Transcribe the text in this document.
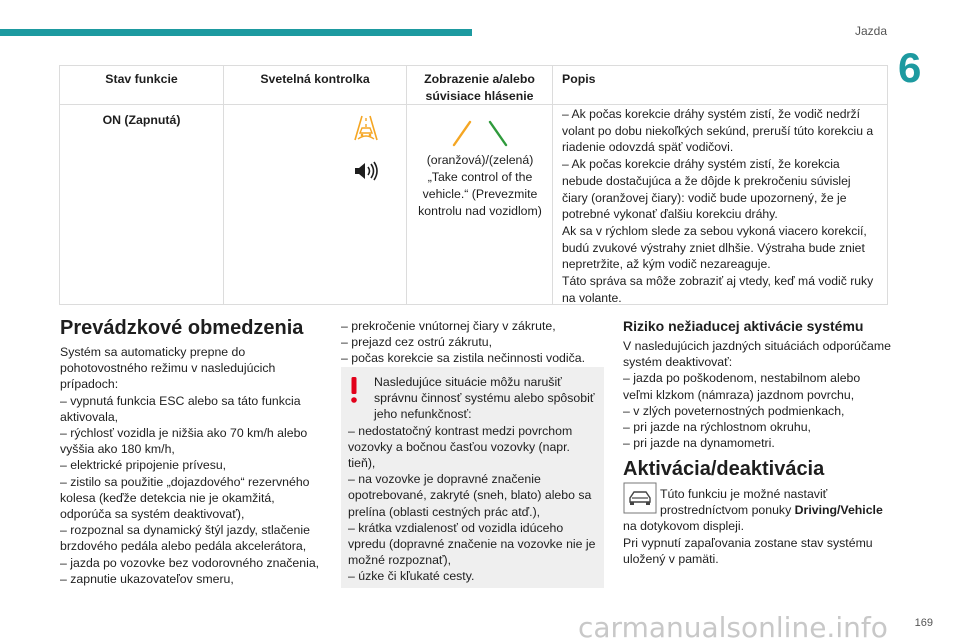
Jazda
6
Stav funkcie	Svetelná kontrolka	Zobrazenie a/alebo súvisiace hlásenie
Popis
ON (Zapnutá)
(oranžová)/(zelená) „Take control of the vehicle.“ (Prevezmite kontrolu nad vozidlom)

– Ak počas korekcie dráhy systém zistí, že vodič nedrží volant po dobu niekoľkých sekúnd, preruší túto korekciu a riadenie odovzdá späť vodičovi.

– Ak počas korekcie dráhy systém zistí, že korekcia nebude dostačujúca a že dôjde k prekročeniu súvislej čiary (oranžovej čiary): vodič bude upozornený, že je potrebné vykonať ďalšiu korekciu dráhy.

Ak sa v rýchlom slede za sebou vykoná viacero korekcií, budú zvukové výstrahy zniet dlhšie. Výstraha bude zniet nepretržite, až kým vodič nezareaguje.

Táto správa sa môže zobraziť aj vtedy, keď má vodič ruky na volante.

Prevádzkové obmedzenia

Systém sa automaticky prepne do pohotovostného režimu v nasledujúcich prípadoch:

– vypnutá funkcia ESC alebo sa táto funkcia aktivovala,

– rýchlosť vozidla je nižšia ako 70 km/h alebo vyššia ako 180 km/h,

– elektrické pripojenie prívesu,

– zistilo sa použitie „dojazdového“ rezervného kolesa (keďže detekcia nie je okamžitá, odporúča sa systém deaktivovať),

– rozpoznal sa dynamický štýl jazdy, stlačenie brzdového pedála alebo pedála akcelerátora,

– jazda po vozovke bez vodorovného značenia,

– zapnutie ukazovateľov smeru,

– prekročenie vnútornej čiary v zákrute,

– prejazd cez ostrú zákrutu,

– počas korekcie sa zistila nečinnosti vodiča.

Nasledujúce situácie môžu narušiť správnu činnosť systému alebo spôsobiť jeho nefunkčnosť:

– nedostatočný kontrast medzi povrchom vozovky a bočnou časťou vozovky (napr. tieň),

– na vozovke je dopravné značenie opotrebované, zakryté (sneh, blato) alebo sa prelína (oblasti cestných prác atď.),

– krátka vzdialenosť od vozidla idúceho vpredu (dopravné značenie na vozovke nie je možné rozpoznať),

– úzke či kľukaté cesty.

Riziko nežiaducej aktivácie systému

V nasledujúcich jazdných situáciách odporúčame systém deaktivovať:

– jazda po poškodenom, nestabilnom alebo veľmi klzkom (námraza) jazdnom povrchu,

– v zlých poveternostných podmienkach,

– pri jazde na rýchlostnom okruhu,

– pri jazde na dynamometri.

Aktivácia/deaktivácia

Túto funkciu je možné nastaviť prostredníctvom ponuky Driving/Vehicle

na dotykovom displeji.

Pri vypnutí zapaľovania zostane stav systému uložený v pamäti.

carmanualsonline.info 169
